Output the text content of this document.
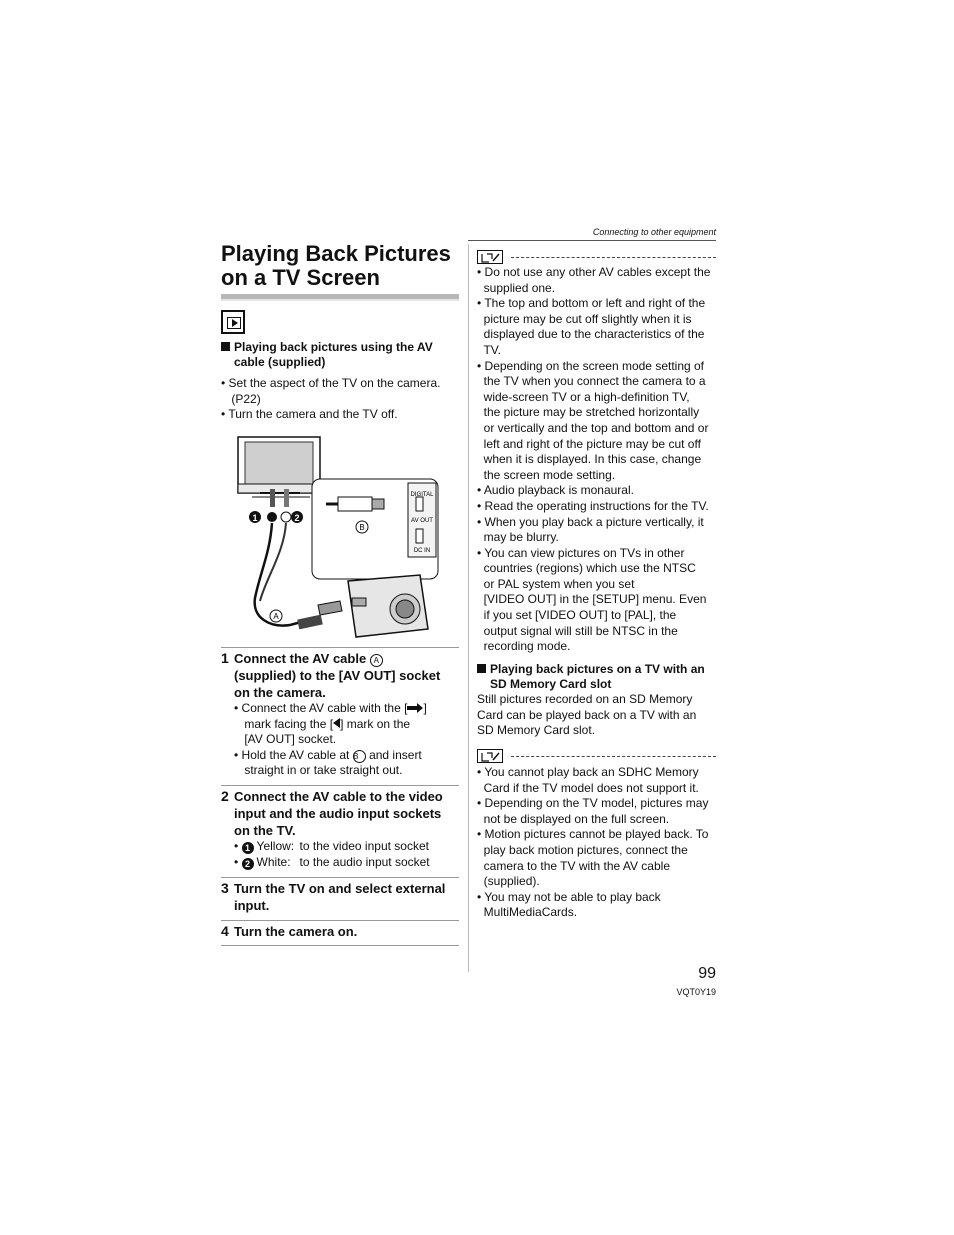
Connecting to other equipment
Playing Back Pictures
on a TV Screen
Playing back pictures using the AV
cable (supplied)
• Set the aspect of the TV on the camera.
(P22)
• Turn the camera and the TV off.
1	2
DIGITAL
AV OUT
DC IN
B
A
1 Connect the AV cable A
(supplied) to the [AV OUT] socket
on the camera.
• Connect the AV cable with the [ ]
mark facing the [ ] mark on the
[AV OUT] socket.
• Hold the AV cable at B and insert
straight in or take straight out.
2 Connect the AV cable to the video
input and the audio input sockets
on the TV.
• 1 Yellow: to the video input socket
• 2 White: to the audio input socket
3 Turn the TV on and select external
input.
4 Turn the camera on.
• Do not use any other AV cables except the
supplied one.
• The top and bottom or left and right of the
picture may be cut off slightly when it is
displayed due to the characteristics of the
TV.
• Depending on the screen mode setting of
the TV when you connect the camera to a
wide-screen TV or a high-definition TV,
the picture may be stretched horizontally
or vertically and the top and bottom and or
left and right of the picture may be cut off
when it is displayed. In this case, change
the screen mode setting.
• Audio playback is monaural.
• Read the operating instructions for the TV.
• When you play back a picture vertically, it
may be blurry.
• You can view pictures on TVs in other
countries (regions) which use the NTSC
or PAL system when you set
[VIDEO OUT] in the [SETUP] menu. Even
if you set [VIDEO OUT] to [PAL], the
output signal will still be NTSC in the
recording mode.
Playing back pictures on a TV with an
SD Memory Card slot
Still pictures recorded on an SD Memory
Card can be played back on a TV with an
SD Memory Card slot.
• You cannot play back an SDHC Memory
Card if the TV model does not support it.
• Depending on the TV model, pictures may
not be displayed on the full screen.
• Motion pictures cannot be played back. To
play back motion pictures, connect the
camera to the TV with the AV cable
(supplied).
• You may not be able to play back
MultiMediaCards.
99
VQT0Y19
